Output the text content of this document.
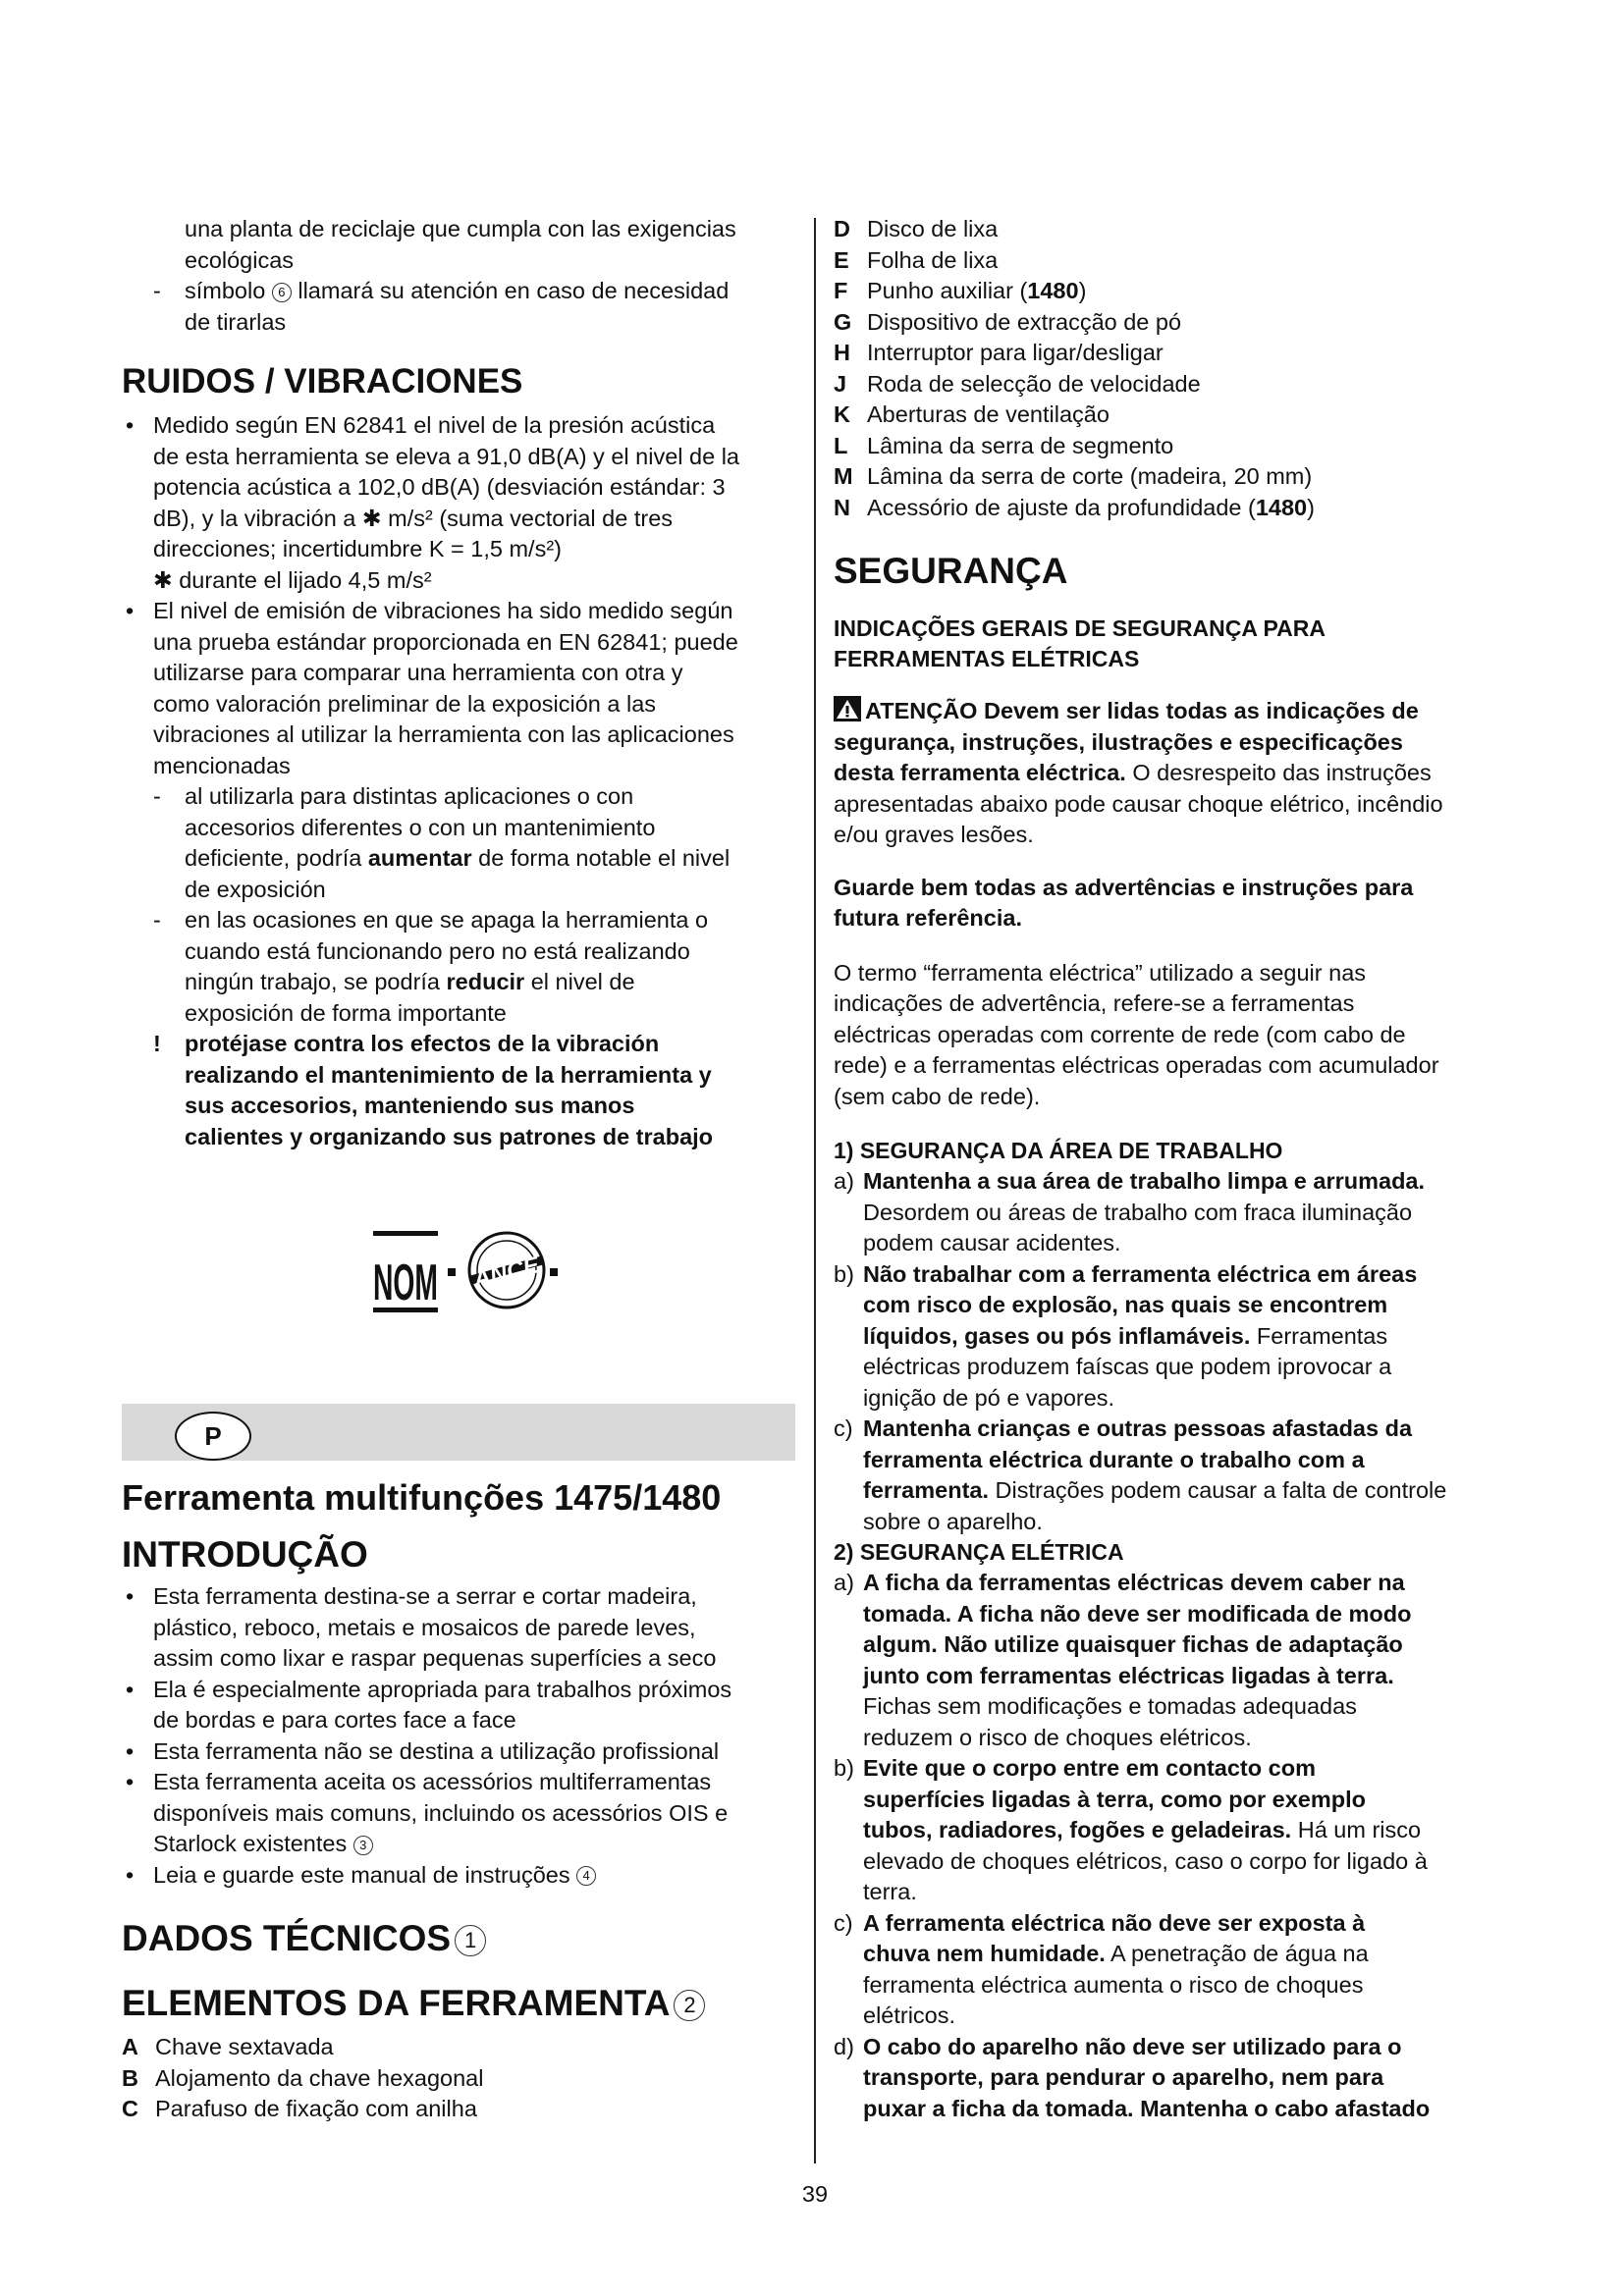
una planta de reciclaje que cumpla con las exigencias

ecológicas

- símbolo 6 llamará su atención en caso de necesidad
de tirarlas
RUIDOS / VIBRACIONES
• Medido según EN 62841 el nivel de la presión acústica
de esta herramienta se eleva a 91,0 dB(A) y el nivel de la
potencia acústica a 102,0 dB(A) (desviación estándar: 3
dB), y la vibración a ✱ m/s² (suma vectorial de tres
direcciones; incertidumbre K = 1,5 m/s²)
✱ durante el lijado 4,5 m/s²
• El nivel de emisión de vibraciones ha sido medido según
una prueba estándar proporcionada en EN 62841; puede
utilizarse para comparar una herramienta con otra y
como valoración preliminar de la exposición a las
vibraciones al utilizar la herramienta con las aplicaciones
mencionadas
- al utilizarla para distintas aplicaciones o con
accesorios diferentes o con un mantenimiento
deficiente, podría aumentar de forma notable el nivel
de exposición
- en las ocasiones en que se apaga la herramienta o
cuando está funcionando pero no está realizando
ningún trabajo, se podría reducir el nivel de
exposición de forma importante
! protéjase contra los efectos de la vibración
realizando el mantenimiento de la herramienta y
sus accesorios, manteniendo sus manos
calientes y organizando sus patrones de trabajo
NOM ANCE
P
Ferramenta multifunções 1475/1480
INTRODUÇÃO
• Esta ferramenta destina-se a serrar e cortar madeira,
plástico, reboco, metais e mosaicos de parede leves,
assim como lixar e raspar pequenas superfícies a seco
• Ela é especialmente apropriada para trabalhos próximos
de bordas e para cortes face a face
• Esta ferramenta não se destina a utilização profissional
• Esta ferramenta aceita os acessórios multiferramentas
disponíveis mais comuns, incluindo os acessórios OIS e
Starlock existentes 3
• Leia e guarde este manual de instruções 4
DADOS TÉCNICOS 1
ELEMENTOS DA FERRAMENTA 2
A Chave sextavada
B Alojamento da chave hexagonal
C Parafuso de fixação com anilha
D Disco de lixa
E Folha de lixa
F Punho auxiliar (1480)
G Dispositivo de extracção de pó
H Interruptor para ligar/desligar
J Roda de selecção de velocidade
K Aberturas de ventilação
L Lâmina da serra de segmento
M Lâmina da serra de corte (madeira, 20 mm)
N Acessório de ajuste da profundidade (1480)
SEGURANÇA
INDICAÇÕES GERAIS DE SEGURANÇA PARA
FERRAMENTAS ELÉTRICAS
ATENÇÃO Devem ser lidas todas as indicações de
segurança, instruções, ilustrações e especificações
desta ferramenta eléctrica. O desrespeito das instruções
apresentadas abaixo pode causar choque elétrico, incêndio
e/ou graves lesões.
Guarde bem todas as advertências e instruções para
futura referência.
O termo “ferramenta eléctrica” utilizado a seguir nas
indicações de advertência, refere-se a ferramentas
eléctricas operadas com corrente de rede (com cabo de
rede) e a ferramentas eléctricas operadas com acumulador
(sem cabo de rede).
1) SEGURANÇA DA ÁREA DE TRABALHO
a) Mantenha a sua área de trabalho limpa e arrumada.
Desordem ou áreas de trabalho com fraca iluminação
podem causar acidentes.
b) Não trabalhar com a ferramenta eléctrica em áreas
com risco de explosão, nas quais se encontrem
líquidos, gases ou pós inflamáveis. Ferramentas
eléctricas produzem faíscas que podem iprovocar a
ignição de pó e vapores.
c) Mantenha crianças e outras pessoas afastadas da
ferramenta eléctrica durante o trabalho com a
ferramenta. Distrações podem causar a falta de controle
sobre o aparelho.
2) SEGURANÇA ELÉTRICA
a) A ficha da ferramentas eléctricas devem caber na
tomada. A ficha não deve ser modificada de modo
algum. Não utilize quaisquer fichas de adaptação
junto com ferramentas eléctricas ligadas à terra.
Fichas sem modificações e tomadas adequadas
reduzem o risco de choques elétricos.
b) Evite que o corpo entre em contacto com
superfícies ligadas à terra, como por exemplo
tubos, radiadores, fogões e geladeiras. Há um risco
elevado de choques elétricos, caso o corpo for ligado à
terra.
c) A ferramenta eléctrica não deve ser exposta à
chuva nem humidade. A penetração de água na
ferramenta eléctrica aumenta o risco de choques
elétricos.
d) O cabo do aparelho não deve ser utilizado para o
transporte, para pendurar o aparelho, nem para
puxar a ficha da tomada. Mantenha o cabo afastado
39
